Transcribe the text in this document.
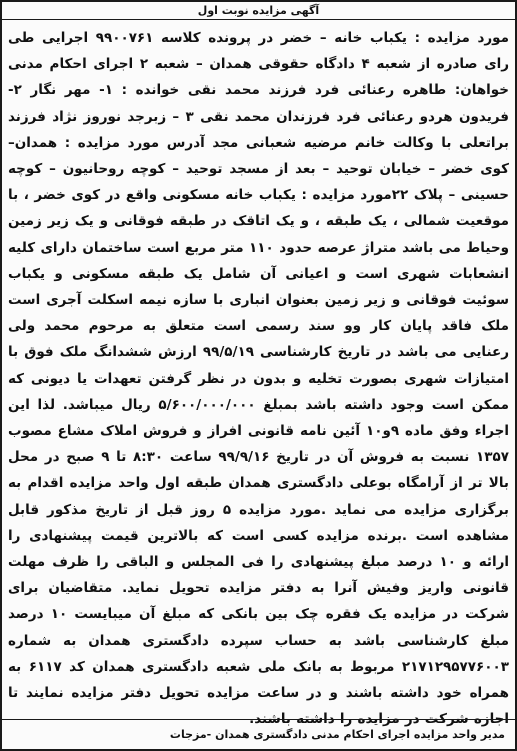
آگهی مزایده نوبت اول

مورد مزایده : یکباب خانه – خضر در پرونده کلاسه ۹۹۰۰۷۶۱ اجرایی طی رای صادره از شعبه ۴ دادگاه حقوقی همدان – شعبه ۲ اجرای احکام مدنی خواهان: طاهره رعنائی فرد فرزند محمد نقی خوانده : ۱- مهر نگار ۲- فریدون هردو رعنائی فرد فرزندان محمد نقی ۳ – زبرجد نوروز نژاد فرزند براتعلی با وکالت خانم مرضیه شعبانی مجد آدرس مورد مزایده : همدان– کوی خضر – خیابان توحید – بعد از مسجد توحید – کوچه روحانیون – کوچه حسینی – پلاک ۲۲مورد مزایده : یکباب خانه مسکونی واقع در کوی خضر ، با موقعیت شمالی ، یک طبقه ، و یک اتاقک در طبقه فوقانی و یک زیر زمین وحیاط می باشد متراژ عرصه حدود ۱۱۰ متر مربع است ساختمان دارای کلیه انشعابات شهری است و اعیانی آن شامل یک طبقه مسکونی و یکباب سوئیت فوقانی و زیر زمین بعنوان انباری با سازه نیمه اسکلت آجری است ملک فاقد پایان کار وو سند رسمی است متعلق به مرحوم محمد ولی رعنایی می باشد در تاریخ کارشناسی ۹۹/۵/۱۹ ارزش ششدانگ ملک فوق با امتیازات شهری بصورت تخلیه و بدون در نظر گرفتن تعهدات یا دیونی که ممکن است وجود داشته باشد بمبلغ ۵/۶۰۰/۰۰۰/۰۰۰ ریال میباشد. لذا این اجراء وفق ماده ۹و۱۰ آئین نامه قانونی افراز و فروش املاک مشاع مصوب ۱۳۵۷ نسبت به فروش آن در تاریخ ۹۹/۹/۱۶ ساعت ۸:۳۰ تا ۹ صبح در محل بالا تر از آرامگاه بوعلی دادگستری همدان طبقه اول واحد مزایده اقدام به برگزاری مزایده می نماید .مورد مزایده ۵ روز قبل از تاریخ مذکور قابل مشاهده است .برنده مزایده کسی است که بالاترین قیمت پیشنهادی را ارائه و ۱۰ درصد مبلغ پیشنهادی را فی المجلس و الباقی را ظرف مهلت قانونی واریز وفیش آنرا به دفتر مزایده تحویل نماید. متقاضیان برای شرکت در مزایده یک فقره چک بین بانکی که مبلغ آن میبایست ۱۰ درصد مبلغ کارشناسی باشد به حساب سپرده دادگستری همدان به شماره ۲۱۷۱۲۹۵۷۷۶۰۰۳ مربوط به بانک ملی شعبه دادگستری همدان کد ۶۱۱۷ به همراه خود داشته باشند و در ساعت مزایده تحویل دفتر مزایده نمایند تا اجازه شرکت در مزایده را داشته باشند.

مدیر واحد مزایده اجرای احکام مدنی دادگستری همدان -مزجات
